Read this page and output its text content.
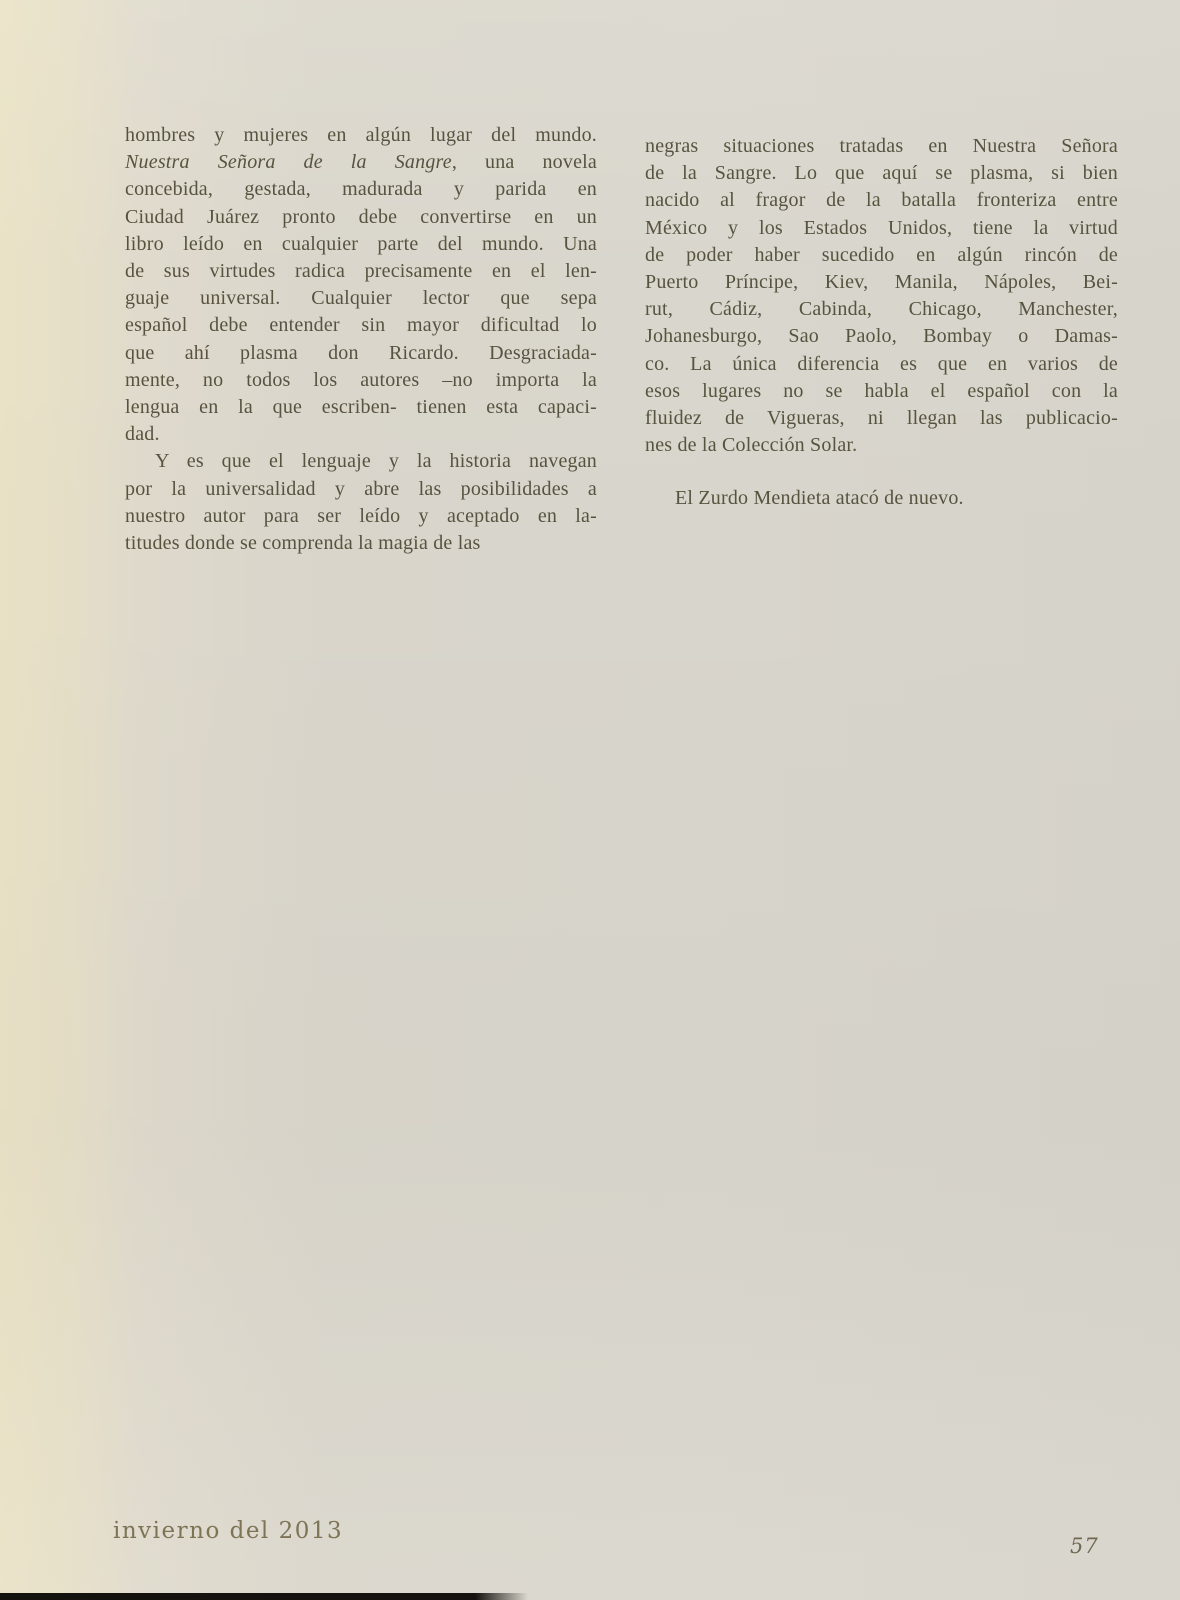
hombres y mujeres en algún lugar del mundo.
Nuestra Señora de la Sangre, una novela
concebida, gestada, madurada y parida en
Ciudad Juárez pronto debe convertirse en un
libro leído en cualquier parte del mundo. Una
de sus virtudes radica precisamente en el len-
guaje universal. Cualquier lector que sepa
español debe entender sin mayor dificultad lo
que ahí plasma don Ricardo. Desgraciada-
mente, no todos los autores –no importa la
lengua en la que escriben- tienen esta capaci-
dad.
Y es que el lenguaje y la historia navegan
por la universalidad y abre las posibilidades a
nuestro autor para ser leído y aceptado en la-
titudes donde se comprenda la magia de las
negras situaciones tratadas en Nuestra Señora
de la Sangre. Lo que aquí se plasma, si bien
nacido al fragor de la batalla fronteriza entre
México y los Estados Unidos, tiene la virtud
de poder haber sucedido en algún rincón de
Puerto Príncipe, Kiev, Manila, Nápoles, Bei-
rut, Cádiz, Cabinda, Chicago, Manchester,
Johanesburgo, Sao Paolo, Bombay o Damas-
co. La única diferencia es que en varios de
esos lugares no se habla el español con la
fluidez de Vigueras, ni llegan las publicacio-
nes de la Colección Solar.
El Zurdo Mendieta atacó de nuevo.
invierno del 2013
57
